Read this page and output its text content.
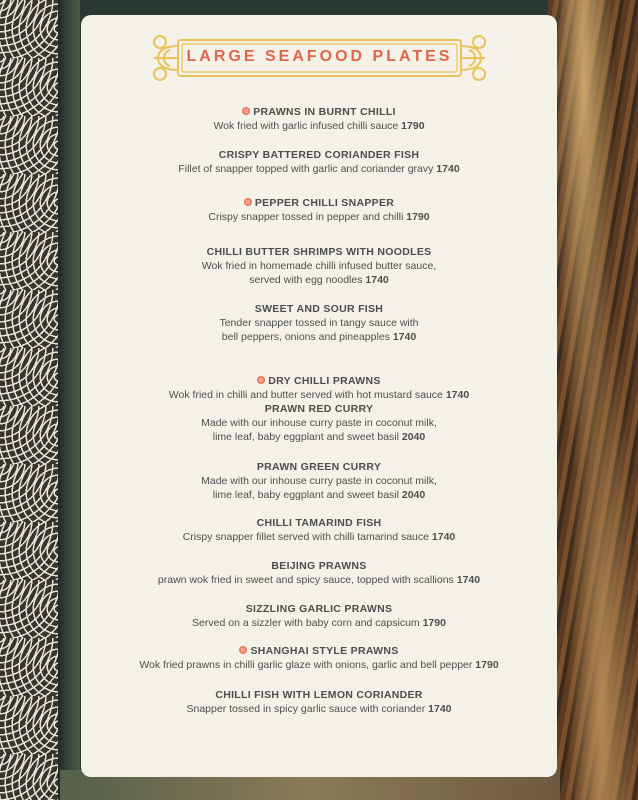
LARGE SEAFOOD PLATES
PRAWNS IN BURNT CHILLI
Wok fried with garlic infused chilli sauce 1790
CRISPY BATTERED CORIANDER FISH
Fillet of snapper topped with garlic and coriander gravy 1740
PEPPER CHILLI SNAPPER
Crispy snapper tossed in pepper and chilli 1790
CHILLI BUTTER SHRIMPS WITH NOODLES
Wok fried in homemade chilli infused butter sauce,
served with egg noodles 1740
SWEET AND SOUR FISH
Tender snapper tossed in tangy sauce with
bell peppers, onions and pineapples 1740
DRY CHILLI PRAWNS
Wok fried in chilli and butter served with hot mustard sauce 1740
PRAWN RED CURRY
Made with our inhouse curry paste in coconut milk,
lime leaf, baby eggplant and sweet basil 2040
PRAWN GREEN CURRY
Made with our inhouse curry paste in coconut milk,
lime leaf, baby eggplant and sweet basil 2040
CHILLI TAMARIND FISH
Crispy snapper fillet served with chilli tamarind sauce 1740
BEIJING PRAWNS
prawn wok fried in sweet and spicy sauce, topped with scallions 1740
SIZZLING GARLIC PRAWNS
Served on a sizzler with baby corn and capsicum 1790
SHANGHAI STYLE PRAWNS
Wok fried prawns in chilli garlic glaze with onions, garlic and bell pepper 1790
CHILLI FISH WITH LEMON CORIANDER
Snapper tossed in spicy garlic sauce with coriander 1740
